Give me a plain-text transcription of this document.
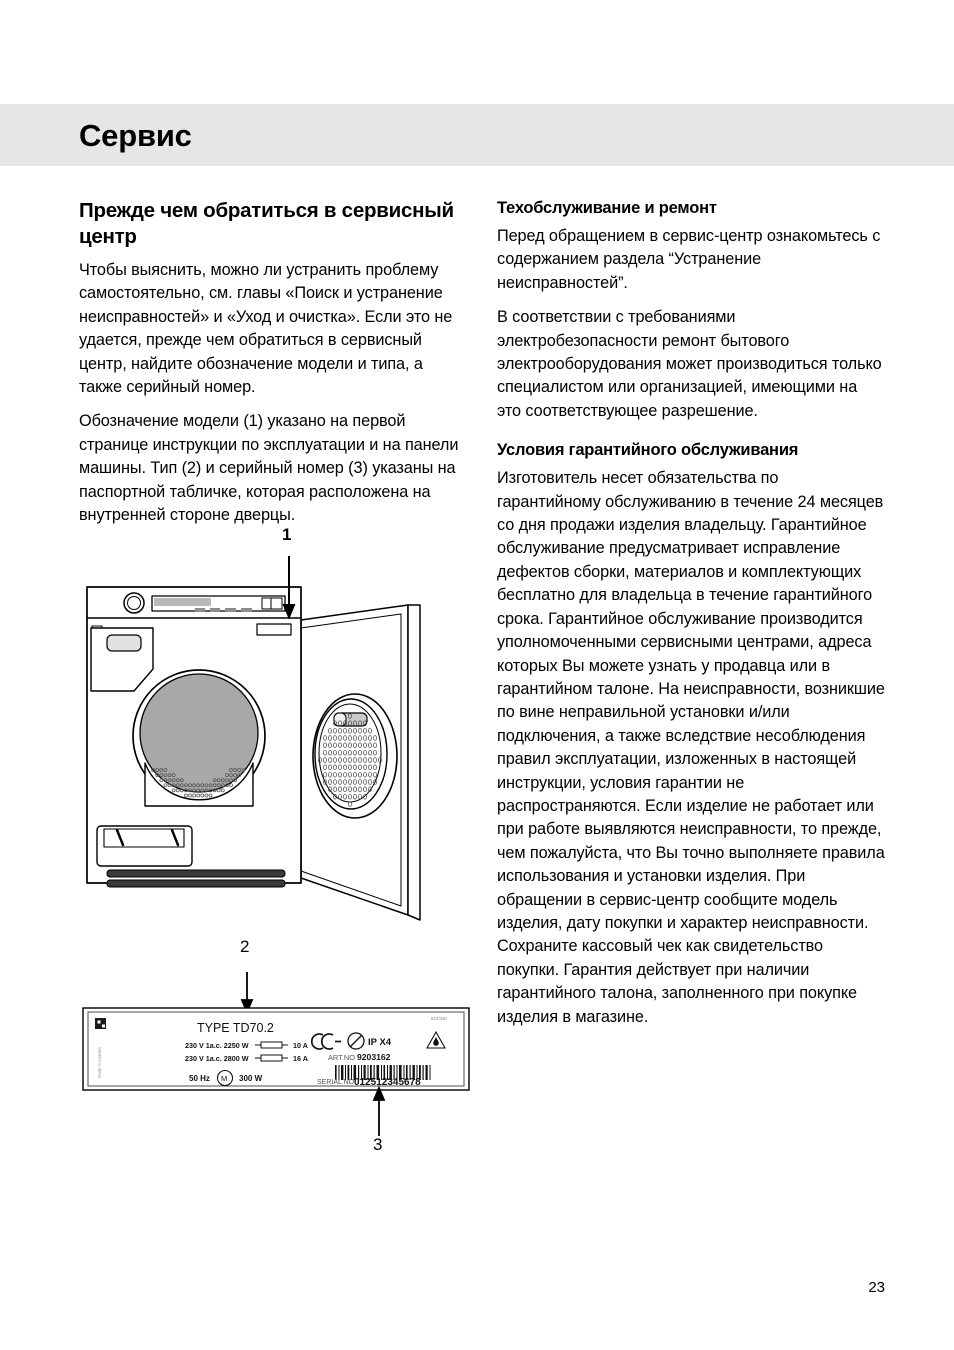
Сервис
Прежде чем обратиться в сервисный центр

Чтобы выяснить, можно ли устранить проблему самостоятельно, см. главы «Поиск и устранение неисправностей» и «Уход и очистка». Если это не удается, прежде чем обратиться в сервисный центр, найдите обозначение модели и типа, а также серийный номер.

Обозначение модели (1) указано на первой странице инструкции по эксплуатации и на панели машины. Тип (2) и серийный номер (3) указаны на паспортной табличке, которая расположена на внутренней стороне дверцы.

Техобслуживание и ремонт

Перед обращением в сервис-центр ознакомьтесь с содержанием раздела “Устранение неисправностей”.

В соответствии с требованиями электробезопасности ремонт бытового электрооборудования может производиться только специалистом или организацией, имеющими на это соответствующее разрешение.

Условия гарантийного обслуживания

Изготовитель несет обязательства по гарантийному обслуживанию в течение 24 месяцев со дня продажи изделия владельцу. Гарантийное обслуживание предусматривает исправление дефектов сборки, материалов и комплектующих бесплатно для владельца в течение гарантийного срока. Гарантийное обслуживание производится уполномоченными сервисными центрами, адреса которых Вы можете узнать у продавца или в гарантийном талоне. На неисправности, возникшие по вине неправильной установки и/или подключения, а также вследствие несоблюдения правил эксплуатации, изложенных в настоящей инструкции, условия гарантии не распространяются. Если изделие не работает или при работе выявляются неисправности, то прежде, чем пожалуйста, что Вы точно выполняете правила использования и установки изделия. При обращении в сервис-центр сообщите модель изделия, дату покупки и характер неисправности. Сохраните кассовый чек как свидетельство покупки. Гарантия действует при наличии гарантийного талона, заполненного при покупке изделия в магазине.

1
TYPE TD70.2
230 V 1a.c. 2250 W	10 A
230 V 1a.c. 2800 W	16 A
50 Hz M 300 W
IP X4
824/330
ART.NO 9203162
SERIAL NO 012512345678
Made in Sweden
2
3
23
